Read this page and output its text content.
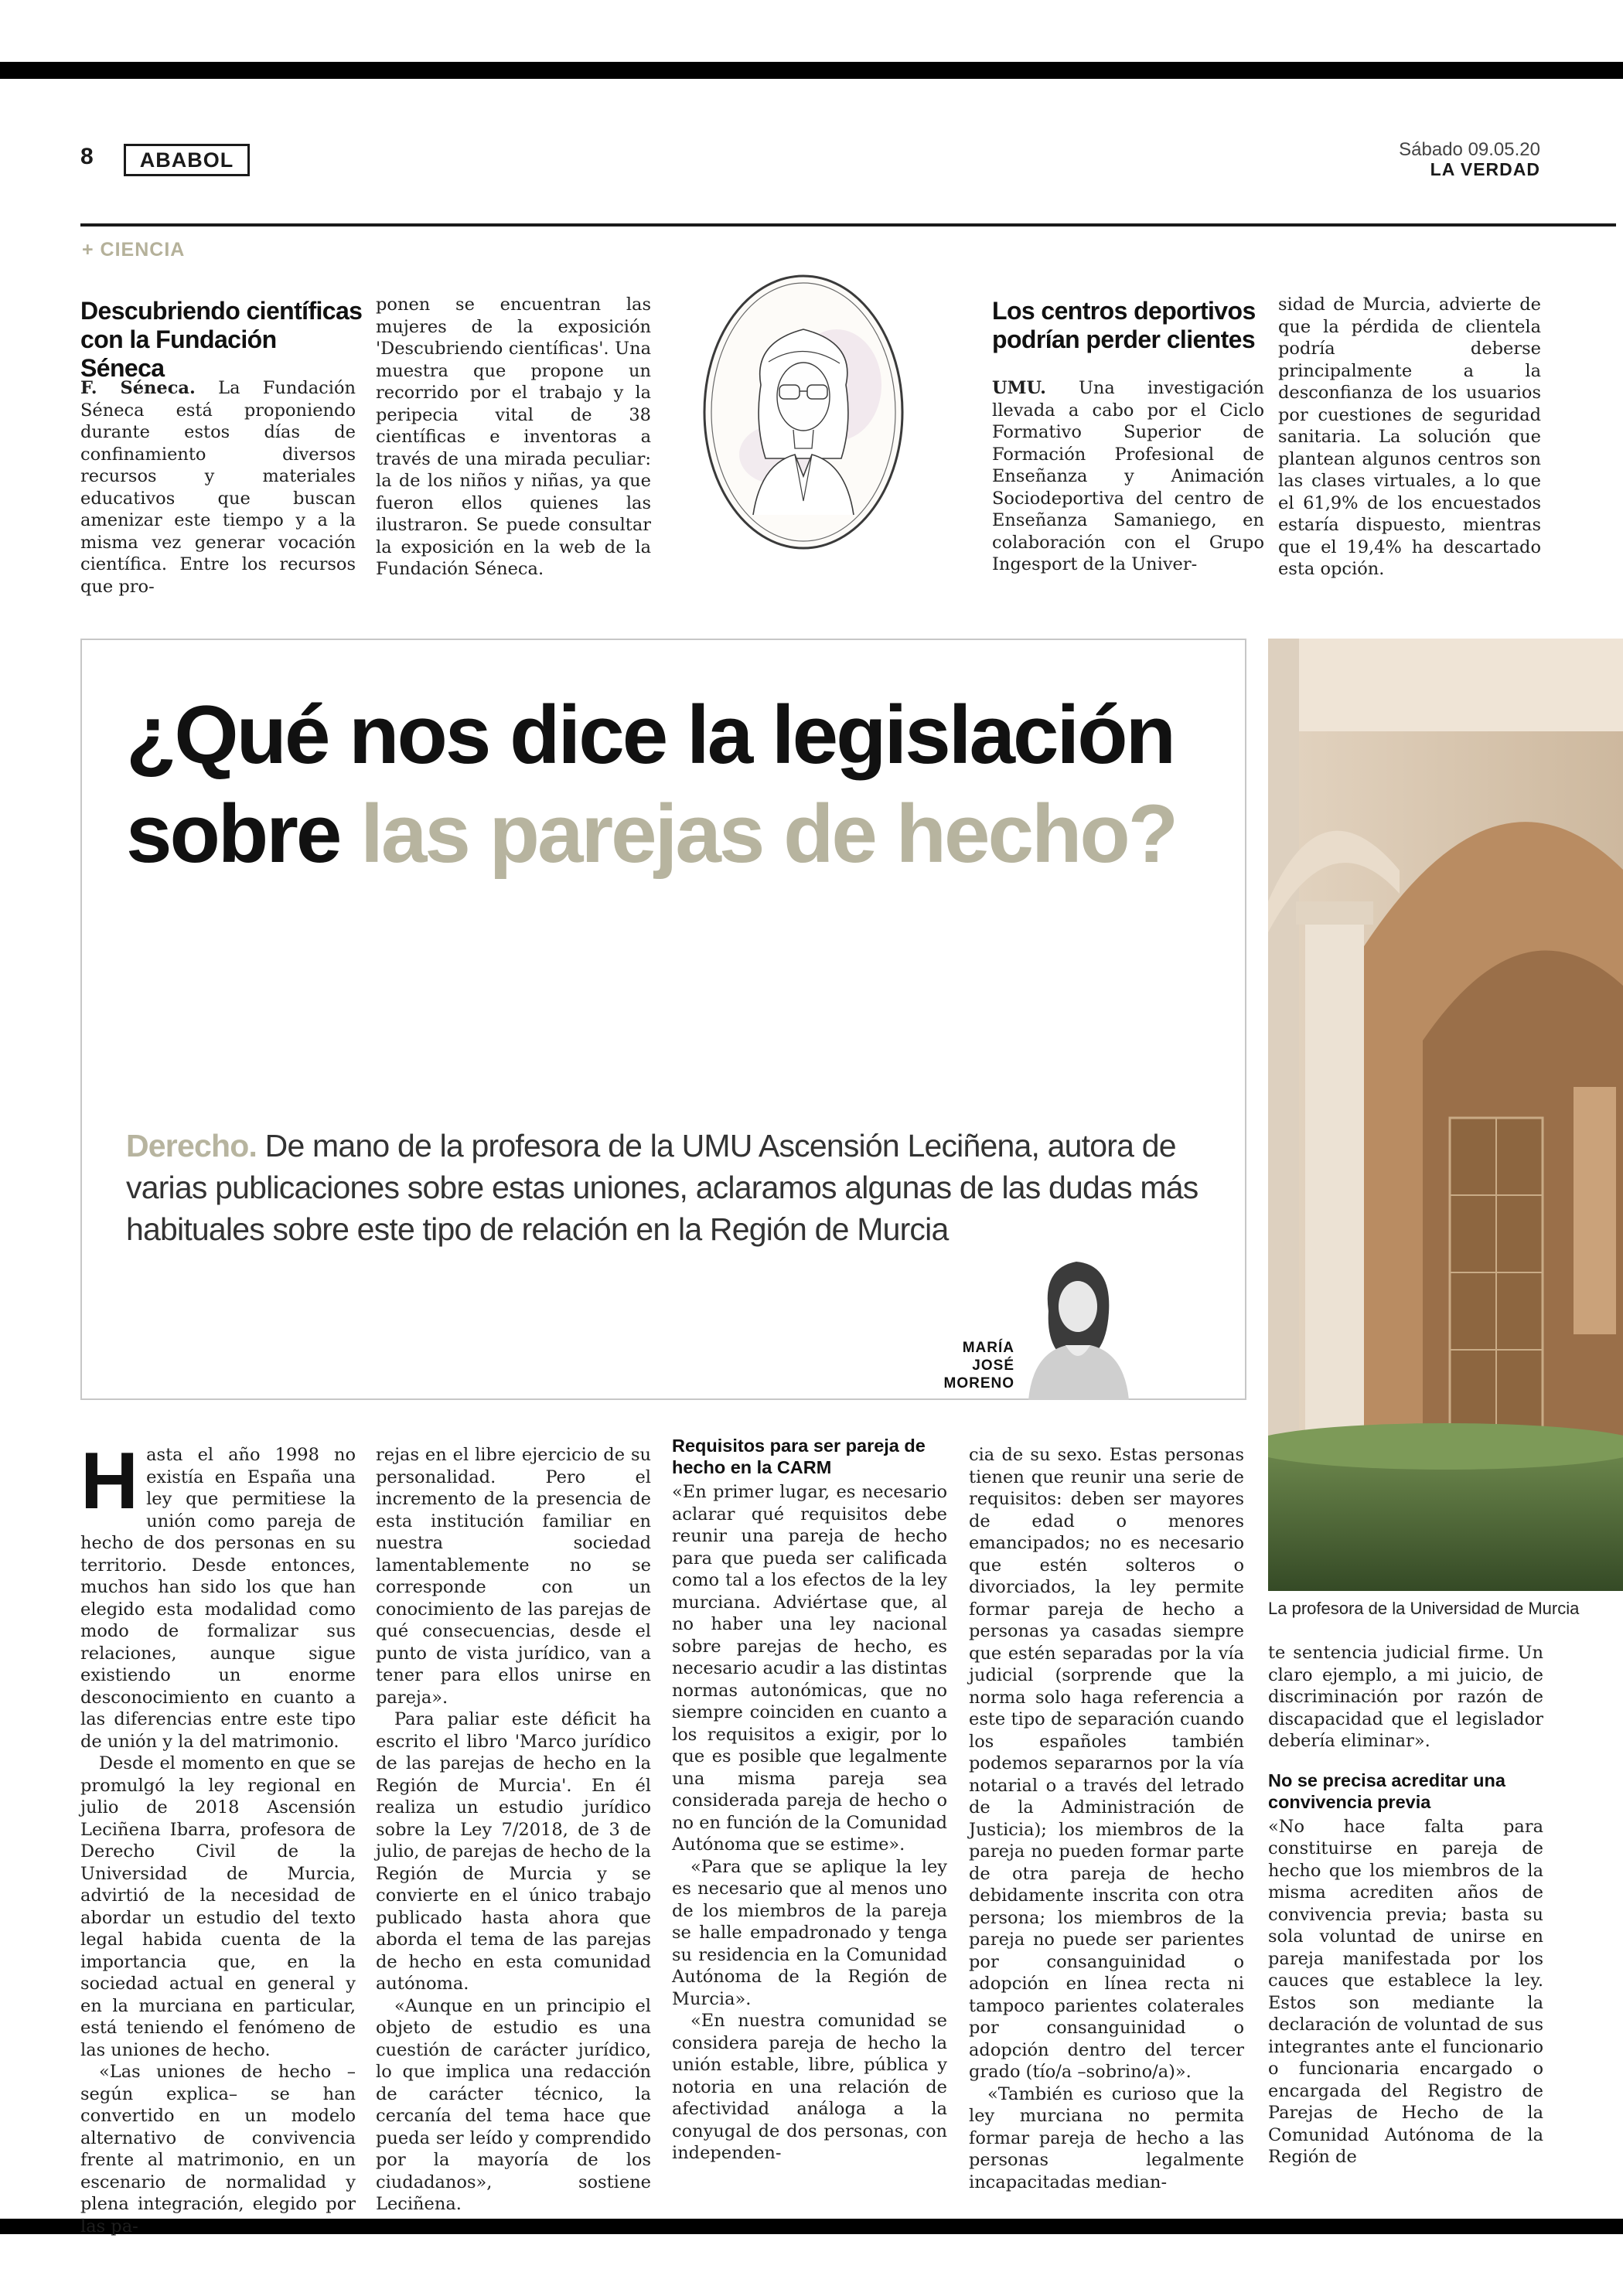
8	ABABOL	Sábado 09.05.20
LA VERDAD
+ CIENCIA
Descubriendo científicas con la Fundación Séneca

F. Séneca. La Fundación Séneca está proponiendo durante estos días de confinamiento diversos recursos y materiales educativos que buscan amenizar este tiempo y a la misma vez generar vocación científica. Entre los recursos que pro-

ponen se encuentran las mujeres de la exposición 'Descubriendo científicas'. Una muestra que propone un recorrido por el trabajo y la peripecia vital de 38 científicas e inventoras a través de una mirada peculiar: la de los niños y niñas, ya que fueron ellos quienes las ilustraron. Se puede consultar la exposición en la web de la Fundación Séneca.

Los centros deportivos podrían perder clientes

UMU. Una investigación llevada a cabo por el Ciclo Formativo Superior de Formación Profesional de Enseñanza y Animación Sociodeportiva del centro de Enseñanza Samaniego, en colaboración con el Grupo Ingesport de la Univer-

sidad de Murcia, advierte de que la pérdida de clientela podría deberse principalmente a la desconfianza de los usuarios por cuestiones de seguridad sanitaria. La solución que plantean algunos centros son las clases virtuales, a lo que el 61,9% de los encuestados estaría dispuesto, mientras que el 19,4% ha descartado esta opción.

¿Qué nos dice la legislación sobre las parejas de hecho?
Derecho. De mano de la profesora de la UMU Ascensión Leciñena, autora de varias publicaciones sobre estas uniones, aclaramos algunas de las dudas más habituales sobre este tipo de relación en la Región de Murcia
MARÍA
JOSÉ
MORENO
La profesora de la Universidad de Murcia

Hasta el año 1998 no existía en España una ley que permitiese la unión como pareja de hecho de dos personas en su territorio. Desde entonces, muchos han sido los que han elegido esta modalidad como modo de formalizar sus relaciones, aunque sigue existiendo un enorme desconocimiento en cuanto a las diferencias entre este tipo de unión y la del matrimonio.

Desde el momento en que se promulgó la ley regional en julio de 2018 Ascensión Leciñena Ibarra, profesora de Derecho Civil de la Universidad de Murcia, advirtió de la necesidad de abordar un estudio del texto legal habida cuenta de la importancia que, en la sociedad actual en general y en la murciana en particular, está teniendo el fenómeno de las uniones de hecho.

«Las uniones de hecho –según explica– se han convertido en un modelo alternativo de convivencia frente al matrimonio, en un escenario de normalidad y plena integración, elegido por las pa-

rejas en el libre ejercicio de su personalidad. Pero el incremento de la presencia de esta institución familiar en nuestra sociedad lamentablemente no se corresponde con un conocimiento de las parejas de qué consecuencias, desde el punto de vista jurídico, van a tener para ellos unirse en pareja».

Para paliar este déficit ha escrito el libro 'Marco jurídico de las parejas de hecho en la Región de Murcia'. En él realiza un estudio jurídico sobre la Ley 7/2018, de 3 de julio, de parejas de hecho de la Región de Murcia y se convierte en el único trabajo publicado hasta ahora que aborda el tema de las parejas de hecho en esta comunidad autónoma.

«Aunque en un principio el objeto de estudio es una cuestión de carácter jurídico, lo que implica una redacción de carácter técnico, la cercanía del tema hace que pueda ser leído y comprendido por la mayoría de los ciudadanos», sostiene Leciñena.

Requisitos para ser pareja de hecho en la CARM

«En primer lugar, es necesario aclarar qué requisitos debe reunir una pareja de hecho para que pueda ser calificada como tal a los efectos de la ley murciana. Adviértase que, al no haber una ley nacional sobre parejas de hecho, es necesario acudir a las distintas normas autonómicas, que no siempre coinciden en cuanto a los requisitos a exigir, por lo que es posible que legalmente una misma pareja sea considerada pareja de hecho o no en función de la Comunidad Autónoma que se estime».

«Para que se aplique la ley es necesario que al menos uno de los miembros de la pareja se halle empadronado y tenga su residencia en la Comunidad Autónoma de la Región de Murcia».

«En nuestra comunidad se considera pareja de hecho la unión estable, libre, pública y notoria en una relación de afectividad análoga a la conyugal de dos personas, con independen-

cia de su sexo. Estas personas tienen que reunir una serie de requisitos: deben ser mayores de edad o menores emancipados; no es necesario que estén solteros o divorciados, la ley permite formar pareja de hecho a personas ya casadas siempre que estén separadas por la vía judicial (sorprende que la norma solo haga referencia a este tipo de separación cuando los españoles también podemos separarnos por la vía notarial o a través del letrado de la Administración de Justicia); los miembros de la pareja no pueden formar parte de otra pareja de hecho debidamente inscrita con otra persona; los miembros de la pareja no puede ser parientes por consanguinidad o adopción en línea recta ni tampoco parientes colaterales por consanguinidad o adopción dentro del tercer grado (tío/a –sobrino/a)».

«También es curioso que la ley murciana no permita formar pareja de hecho a las personas legalmente incapacitadas median-

te sentencia judicial firme. Un claro ejemplo, a mi juicio, de discriminación por razón de discapacidad que el legislador debería eliminar».

No se precisa acreditar una convivencia previa

«No hace falta para constituirse en pareja de hecho que los miembros de la misma acrediten años de convivencia previa; basta su sola voluntad de unirse en pareja manifestada por los cauces que establece la ley. Estos son mediante la declaración de voluntad de sus integrantes ante el funcionario o funcionaria encargado o encargada del Registro de Parejas de Hecho de la Comunidad Autónoma de la Región de
